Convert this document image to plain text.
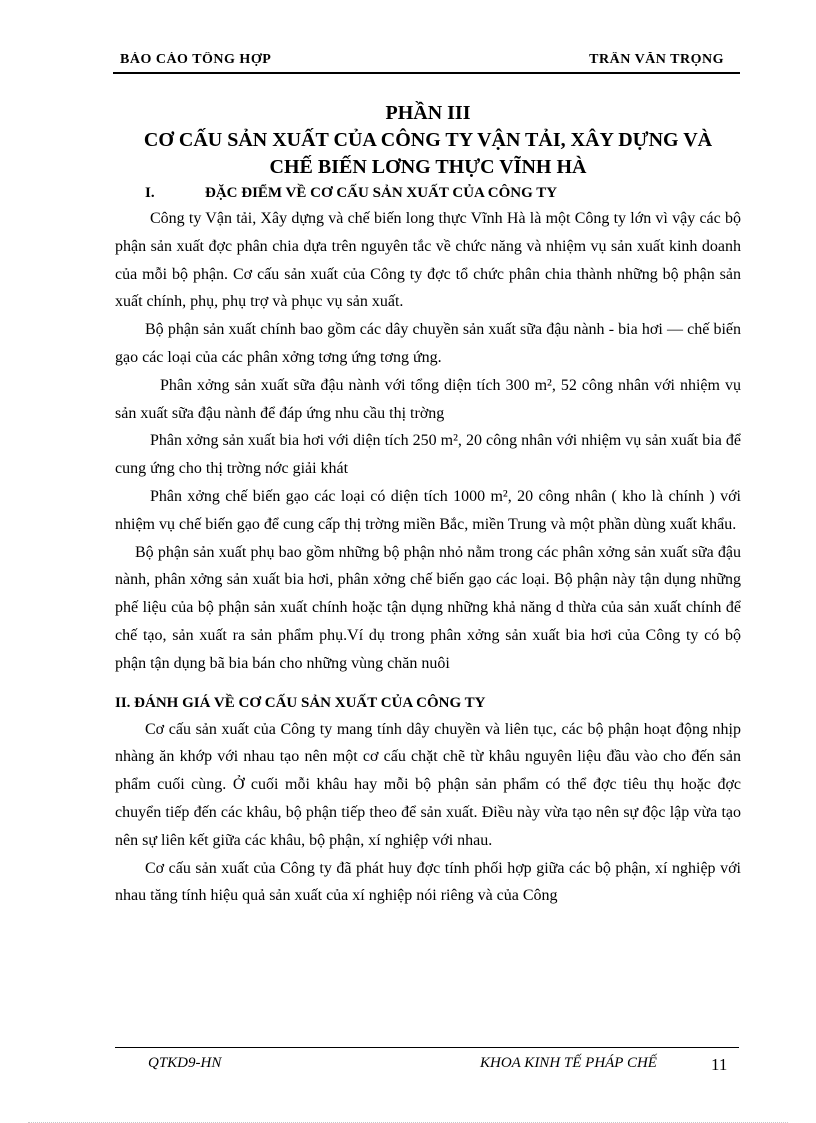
BÁO CÁO TỔNG HỢP	TRẦN VĂN TRỌNG
PHẦN III
CƠ CẤU SẢN XUẤT CỦA CÔNG TY VẬN TẢI, XÂY DỰNG VÀ
CHẾ BIẾN LƠNG THỰC VĨNH HÀ
I.	ĐẶC ĐIỂM VỀ CƠ CẤU SẢN XUẤT CỦA CÔNG TY

Công ty Vận tải, Xây dựng và chế biến long thực Vĩnh Hà là một Công ty lớn vì vậy các bộ phận sản xuất đợc phân chia dựa trên nguyên tắc về chức năng và nhiệm vụ sản xuất kinh doanh của mỗi bộ phận. Cơ cấu sản xuất của Công ty đợc tổ chức phân chia thành những bộ phận sản xuất chính, phụ, phụ trợ và phục vụ sản xuất.

Bộ phận sản xuất chính bao gồm các dây chuyền sản xuất sữa đậu nành - bia hơi — chế biến gạo các loại của các phân xởng tơng ứng tơng ứng.

Phân xởng sản xuất sữa đậu nành với tổng diện tích 300 m², 52 công nhân với nhiệm vụ sản xuất sữa đậu nành để đáp ứng nhu cầu thị trờng

Phân xởng sản xuất bia hơi với diện tích 250 m², 20 công nhân với nhiệm vụ sản xuất bia để cung ứng cho thị trờng nớc giải khát

Phân xởng chế biến gạo các loại có diện tích 1000 m², 20 công nhân ( kho là chính ) với nhiệm vụ chế biến gạo để cung cấp thị trờng miền Bắc, miền Trung và một phần dùng xuất khẩu.

Bộ phận sản xuất phụ bao gồm những bộ phận nhỏ nằm trong các phân xởng sản xuất sữa đậu nành, phân xởng sản xuất bia hơi, phân xởng chế biến gạo các loại. Bộ phận này tận dụng những phế liệu của bộ phận sản xuất chính hoặc tận dụng những khả năng d thừa của sản xuất chính để chế tạo, sản xuất ra sản phẩm phụ.Ví dụ trong phân xởng sản xuất bia hơi của Công ty có bộ phận tận dụng bã bia bán cho những vùng chăn nuôi

II. ĐÁNH GIÁ VỀ CƠ CẤU SẢN XUẤT CỦA CÔNG TY

Cơ cấu sản xuất của Công ty mang tính dây chuyền và liên tục, các bộ phận hoạt động nhịp nhàng ăn khớp với nhau tạo nên một cơ cấu chặt chẽ từ khâu nguyên liệu đầu vào cho đến sản phẩm cuối cùng. Ở cuối mỗi khâu hay mỗi bộ phận sản phẩm có thể đợc tiêu thụ hoặc đợc chuyển tiếp đến các khâu, bộ phận tiếp theo để sản xuất. Điều này vừa tạo nên sự độc lập vừa tạo nên sự liên kết giữa các khâu, bộ phận, xí nghiệp với nhau.

Cơ cấu sản xuất của Công ty đã phát huy đợc tính phối hợp giữa các bộ phận, xí nghiệp với nhau tăng tính hiệu quả sản xuất của xí nghiệp nói riêng và của Công

QTKD9-HN	KHOA KINH TẾ PHÁP CHẾ	11
